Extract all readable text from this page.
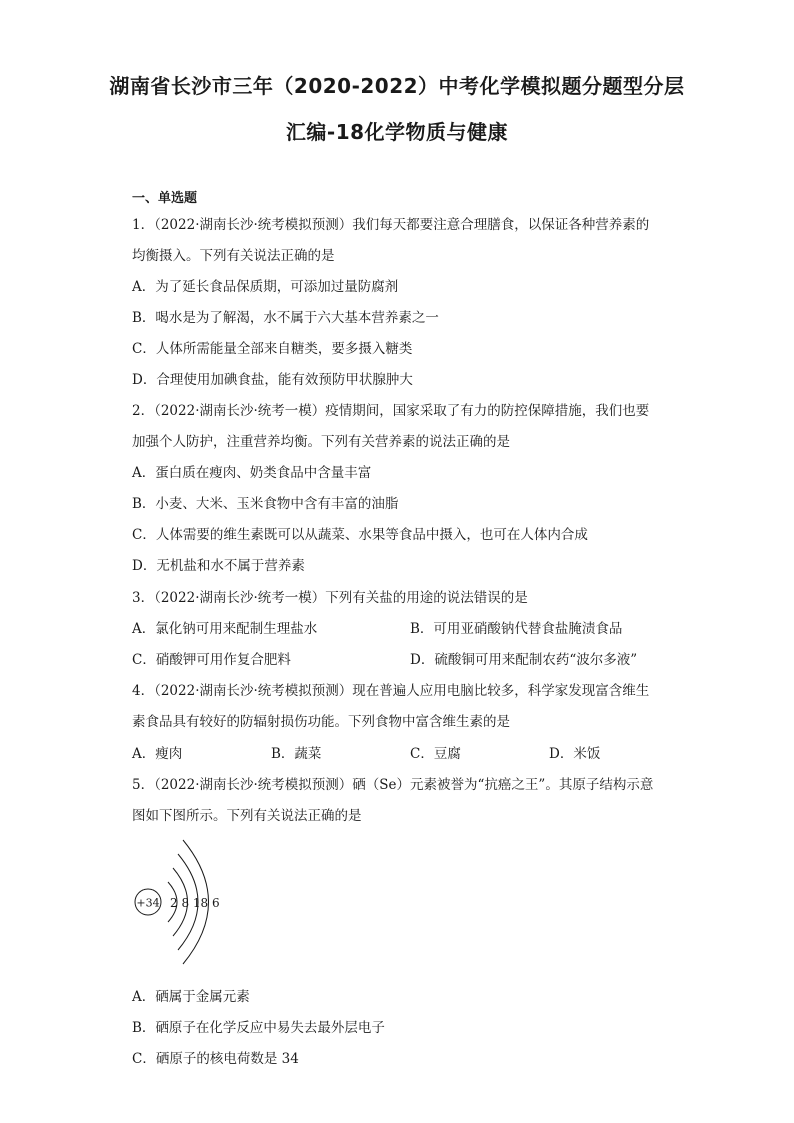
湖南省长沙市三年（2020-2022）中考化学模拟题分题型分层
汇编-18化学物质与健康
一、单选题
1．（2022·湖南长沙·统考模拟预测）我们每天都要注意合理膳食，以保证各种营养素的
均衡摄入。下列有关说法正确的是
A．为了延长食品保质期，可添加过量防腐剂
B．喝水是为了解渴，水不属于六大基本营养素之一
C．人体所需能量全部来自糖类，要多摄入糖类
D．合理使用加碘食盐，能有效预防甲状腺肿大
2．（2022·湖南长沙·统考一模）疫情期间，国家采取了有力的防控保障措施，我们也要
加强个人防护，注重营养均衡。下列有关营养素的说法正确的是
A．蛋白质在瘦肉、奶类食品中含量丰富
B．小麦、大米、玉米食物中含有丰富的油脂
C．人体需要的维生素既可以从蔬菜、水果等食品中摄入，也可在人体内合成
D．无机盐和水不属于营养素
3．（2022·湖南长沙·统考一模）下列有关盐的用途的说法错误的是
A．氯化钠可用来配制生理盐水	B．可用亚硝酸钠代替食盐腌渍食品
C．硝酸钾可用作复合肥料	D．硫酸铜可用来配制农药“波尔多液”
4．（2022·湖南长沙·统考模拟预测）现在普遍人应用电脑比较多，科学家发现富含维生
素食品具有较好的防辐射损伤功能。下列食物中富含维生素的是
A．瘦肉	B．蔬菜	C．豆腐	D．米饭
5．（2022·湖南长沙·统考模拟预测）硒（Se）元素被誉为“抗癌之王”。其原子结构示意
图如下图所示。下列有关说法正确的是
+34 2 8 18 6
A．硒属于金属元素
B．硒原子在化学反应中易失去最外层电子
C．硒原子的核电荷数是 34
